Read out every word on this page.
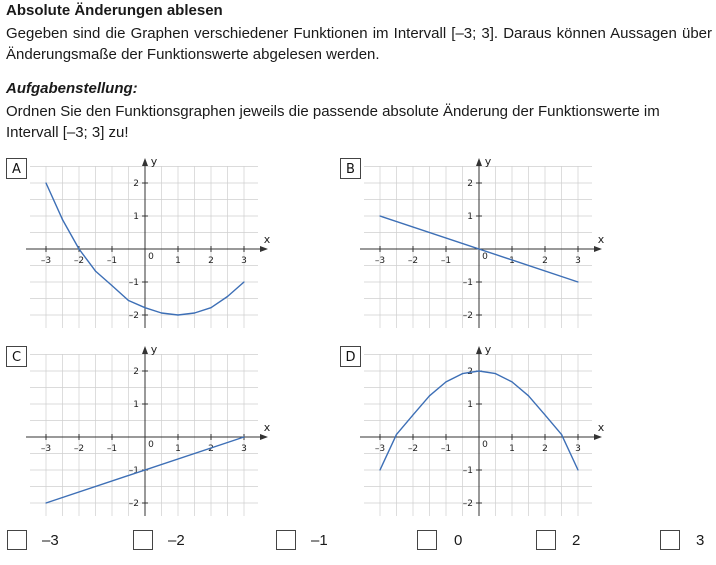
Absolute Änderungen ablesen
Gegeben sind die Graphen verschiedener Funktionen im Intervall [–3; 3]. Daraus können Aussagen über Änderungsmaße der Funktionswerte abgelesen werden.
Aufgabenstellung:
Ordnen Sie den Funktionsgraphen jeweils die passende absolute Änderung der Funktionswerte im Intervall [–3; 3] zu!
–3	–2	–1	1	2	3
2
1
–1
–2
0
x
y
A
–3	–2	–1	1	2	3
2
1
–1
–2
0
x
y
B
–3	–2	–1	1	2	3
2
1
–1
–2
0
x
y
C
–3	–2	–1	1	2	3
2
1
–1
–2
0
x
y
D
–3	–2	–1	0	2	3
